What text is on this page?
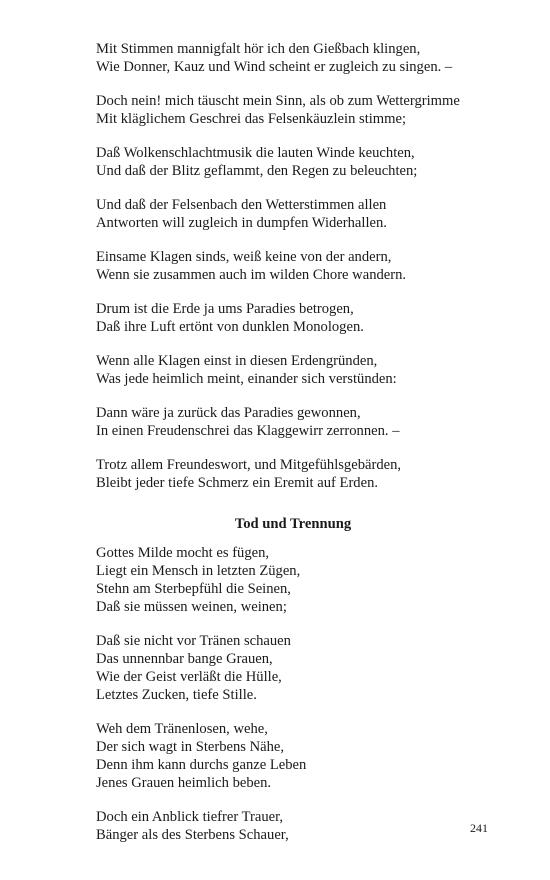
Mit Stimmen mannigfalt hör ich den Gießbach klingen,
Wie Donner, Kauz und Wind scheint er zugleich zu singen. –
Doch nein! mich täuscht mein Sinn, als ob zum Wettergrimme
Mit kläglichem Geschrei das Felsenkäuzlein stimme;
Daß Wolkenschlachtmusik die lauten Winde keuchten,
Und daß der Blitz geflammt, den Regen zu beleuchten;
Und daß der Felsenbach den Wetterstimmen allen
Antworten will zugleich in dumpfen Widerhallen.
Einsame Klagen sinds, weiß keine von der andern,
Wenn sie zusammen auch im wilden Chore wandern.
Drum ist die Erde ja ums Paradies betrogen,
Daß ihre Luft ertönt von dunklen Monologen.
Wenn alle Klagen einst in diesen Erdengründen,
Was jede heimlich meint, einander sich verstünden:
Dann wäre ja zurück das Paradies gewonnen,
In einen Freudenschrei das Klaggewirr zerronnen. –
Trotz allem Freundeswort, und Mitgefühlsgebärden,
Bleibt jeder tiefe Schmerz ein Eremit auf Erden.
Tod und Trennung
Gottes Milde mocht es fügen,
Liegt ein Mensch in letzten Zügen,
Stehn am Sterbepfühl die Seinen,
Daß sie müssen weinen, weinen;
Daß sie nicht vor Tränen schauen
Das unnennbar bange Grauen,
Wie der Geist verläßt die Hülle,
Letztes Zucken, tiefe Stille.
Weh dem Tränenlosen, wehe,
Der sich wagt in Sterbens Nähe,
Denn ihm kann durchs ganze Leben
Jenes Grauen heimlich beben.
Doch ein Anblick tiefrer Trauer,
Bänger als des Sterbens Schauer,	241
